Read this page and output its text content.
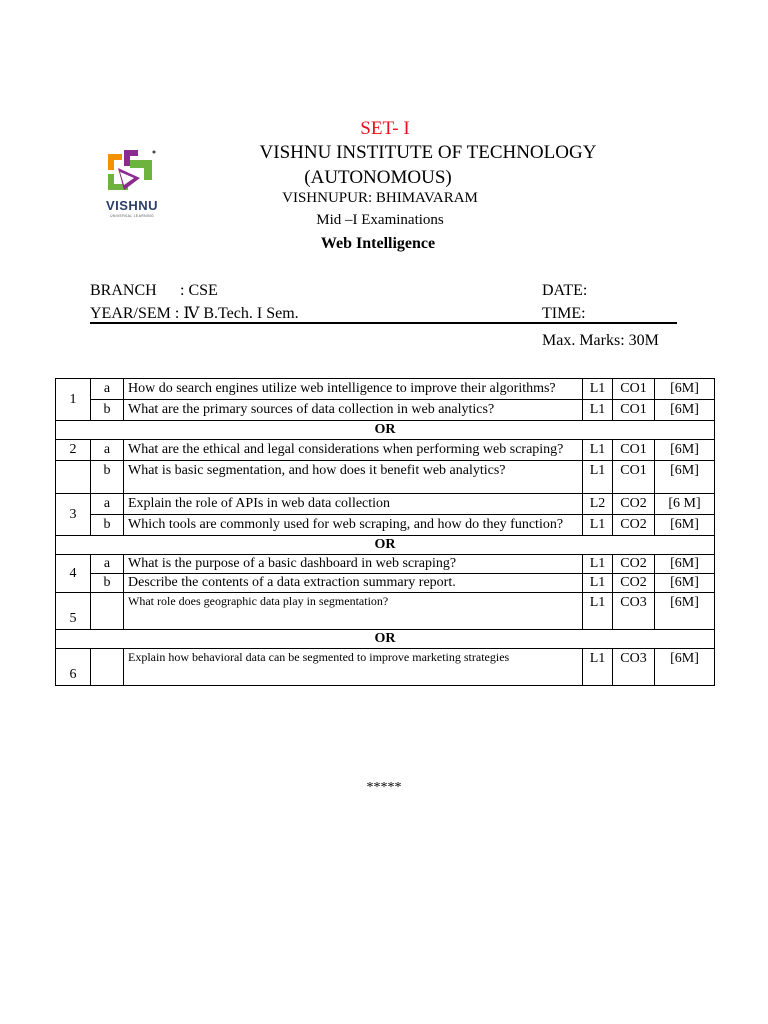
VISHNU
UNIVERSAL LEARNING
SET- I
VISHNU INSTITUTE OF TECHNOLOGY
(AUTONOMOUS)
VISHNUPUR: BHIMAVARAM
Mid –I Examinations
Web Intelligence
BRANCH : CSE
YEAR/SEM : Ⅳ B.Tech. I Sem.
DATE:
TIME:
Max. Marks: 30M
1	a	How do search engines utilize web intelligence to improve their algorithms?	L1	CO1	[6M]
	b	What are the primary sources of data collection in web analytics?	L1	CO1	[6M]
OR					
2	a	What are the ethical and legal considerations when performing web scraping?	L1	CO1	[6M]
	b	What is basic segmentation, and how does it benefit web analytics?	L1	CO1	[6M]
3	a	Explain the role of APIs in web data collection	L2	CO2	[6 M]
	b	Which tools are commonly used for web scraping, and how do they function?	L1	CO2	[6M]
OR					
4	a	What is the purpose of a basic dashboard in web scraping?	L1	CO2	[6M]
	b	Describe the contents of a data extraction summary report.	L1	CO2	[6M]
5		What role does geographic data play in segmentation?	L1	CO3	[6M]
OR					
6		Explain how behavioral data can be segmented to improve marketing strategies	L1	CO3	[6M]
*****
